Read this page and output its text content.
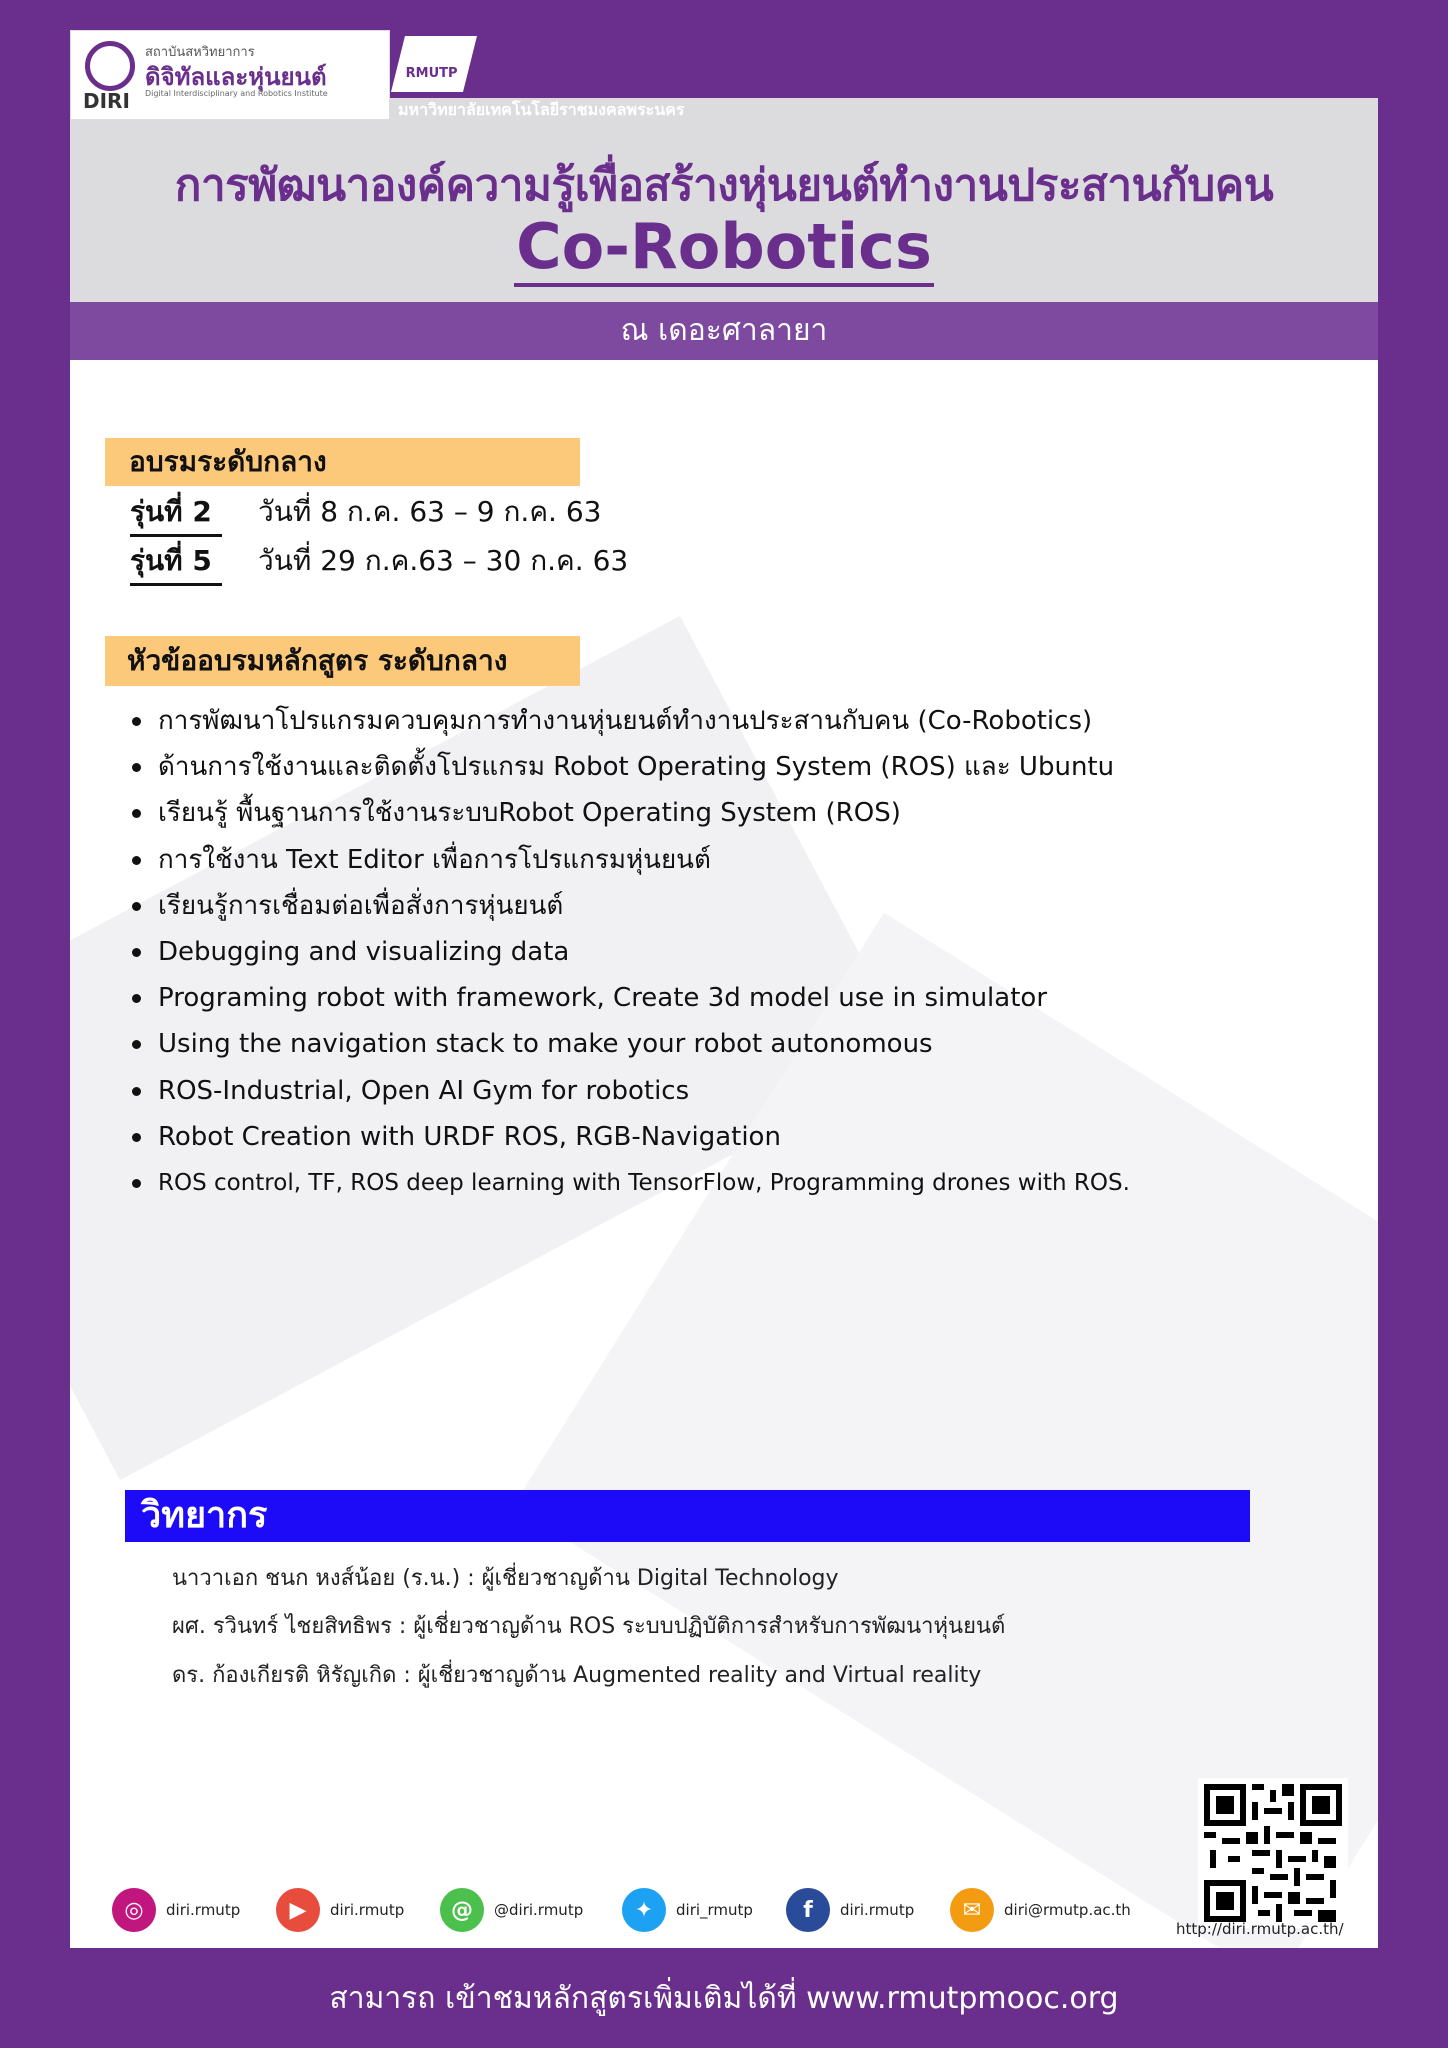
สถาบันสหวิทยาการ
ดิจิทัลและหุ่นยนต์
DIRI Digital Interdisciplinary and Robotics Institute
RMUTP
มหาวิทยาลัยเทคโนโลยีราชมงคลพระนคร
การพัฒนาองค์ความรู้เพื่อสร้างหุ่นยนต์ทำงานประสานกับคน
Co-Robotics
ณ เดอะศาลายา
อบรมระดับกลาง
รุ่นที่ 2	วันที่ 8 ก.ค. 63 – 9 ก.ค. 63
รุ่นที่ 5	วันที่ 29 ก.ค.63 – 30 ก.ค. 63
หัวข้ออบรมหลักสูตร ระดับกลาง
การพัฒนาโปรแกรมควบคุมการทำงานหุ่นยนต์ทำงานประสานกับคน (Co-Robotics)
ด้านการใช้งานและติดตั้งโปรแกรม Robot Operating System (ROS) และ Ubuntu
เรียนรู้ พื้นฐานการใช้งานระบบRobot Operating System (ROS)
การใช้งาน Text Editor เพื่อการโปรแกรมหุ่นยนต์
เรียนรู้การเชื่อมต่อเพื่อสั่งการหุ่นยนต์
Debugging and visualizing data
Programing robot with framework, Create 3d model use in simulator
Using the navigation stack to make your robot autonomous
ROS-Industrial, Open AI Gym for robotics
Robot Creation with URDF ROS, RGB-Navigation
ROS control, TF, ROS deep learning with TensorFlow, Programming drones with ROS.
วิทยากร
นาวาเอก ชนก หงส์น้อย (ร.น.) : ผู้เชี่ยวชาญด้าน Digital Technology
ผศ. รวินทร์ ไชยสิทธิพร : ผู้เชี่ยวชาญด้าน ROS ระบบปฏิบัติการสำหรับการพัฒนาหุ่นยนต์
ดร. ก้องเกียรติ หิรัญเกิด : ผู้เชี่ยวชาญด้าน Augmented reality and Virtual reality
http://diri.rmutp.ac.th/
◎	diri.rmutp	▶	diri.rmutp	@	@diri.rmutp	✦	diri_rmutp	f	diri.rmutp	✉	diri@rmutp.ac.th
สามารถ เข้าชมหลักสูตรเพิ่มเติมได้ที่ www.rmutpmooc.org
